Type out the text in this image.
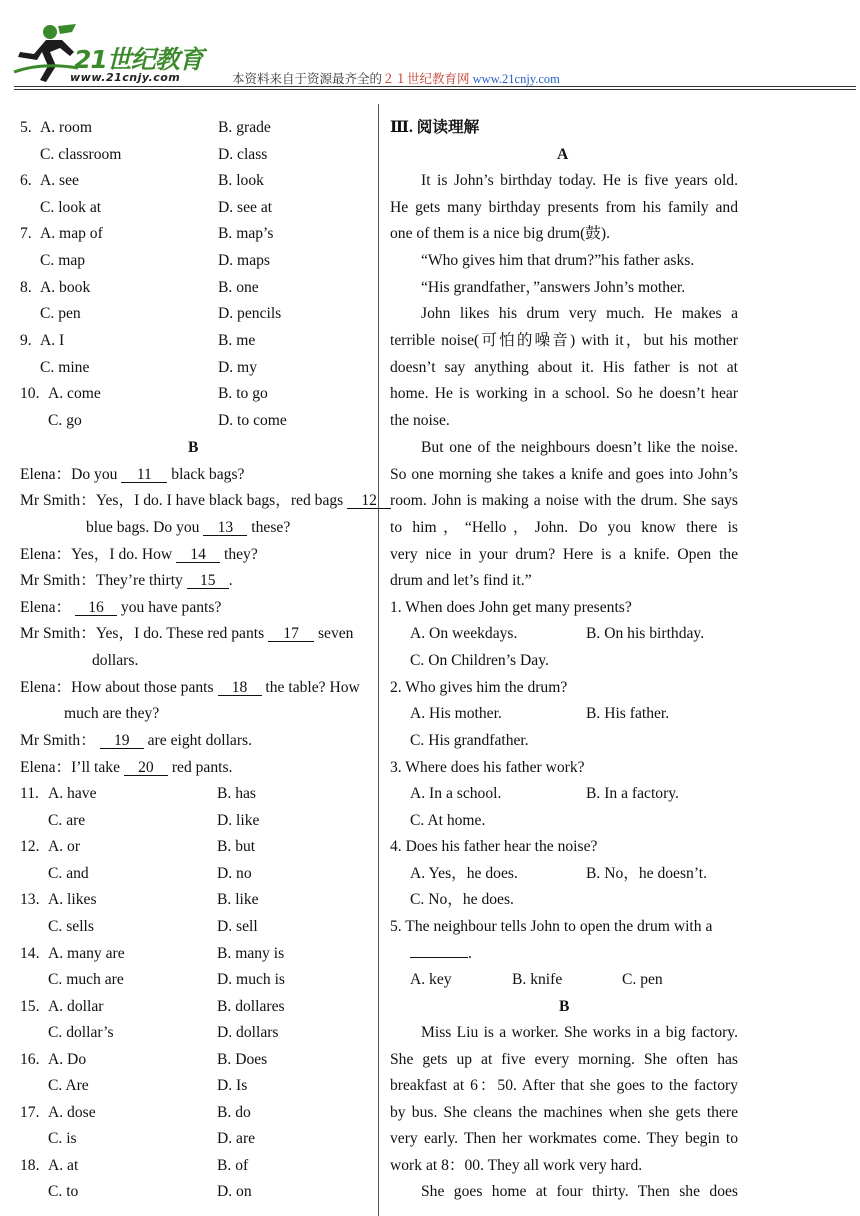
21世纪教育
www.21cnjy.com	本资料来自于资源最齐全的２１世纪教育网 www.21cnjy.com
5. A. room	B. grade
C. classroom	D. class
6. A. see	B. look
C. look at	D. see at
7. A. map of	B. map’s
C. map	D. maps
8. A. book	B. one
C. pen	D. pencils
9. A. I	B. me
C. mine	D. my
10. A. come	B. to go
C. go	D. to come
B
Elena：Do you 11 black bags?
Mr Smith：Yes，I do. I have black bags，red bags 12
blue bags. Do you 13 these?
Elena：Yes，I do. How 14 they?
Mr Smith：They’re thirty 15 .
Elena： 16 you have pants?
Mr Smith：Yes，I do. These red pants 17 seven
dollars.
Elena：How about those pants 18 the table? How
much are they?
Mr Smith： 19 are eight dollars.
Elena：I’ll take 20 red pants.
11. A. have	B. has
C. are	D. like
12. A. or	B. but
C. and	D. no
13. A. likes	B. like
C. sells	D. sell
14. A. many are	B. many is
C. much are	D. much is
15. A. dollar	B. dollares
C. dollar’s	D. dollars
16. A. Do	B. Does
C. Are	D. Is
17. A. dose	B. do
C. is	D. are
18. A. at	B. of
C. to	D. on
Ⅲ. 阅读理解
A
It is John’s birthday today. He is five years old.
He gets many birthday presents from his family and
one of them is a nice big drum(鼓).
“Who gives him that drum?”his father asks.
“His grandfather，”answers John’s mother.
John likes his drum very much. He makes a
terrible noise(可怕的噪音) with it，but his mother
doesn’t say anything about it. His father is not at
home. He is working in a school. So he doesn’t hear
the noise.
But one of the neighbours doesn’t like the noise.
So one morning she takes a knife and goes into John’s
room. John is making a noise with the drum. She says
to him，“Hello，John. Do you know there is
very nice in your drum? Here is a knife. Open the
drum and let’s find it.”
1. When does John get many presents?
A. On weekdays.	B. On his birthday.
C. On Children’s Day.
2. Who gives him the drum?
A. His mother.	B. His father.
C. His grandfather.
3. Where does his father work?
A. In a school.	B. In a factory.
C. At home.
4. Does his father hear the noise?
A. Yes，he does.	B. No，he doesn’t.
C. No，he does.
5. The neighbour tells John to open the drum with a
.
A. key	B. knife	C. pen
B
Miss Liu is a worker. She works in a big factory.
She gets up at five every morning. She often has
breakfast at 6：50. After that she goes to the factory
by bus. She cleans the machines when she gets there
very early. Then her workmates come. They begin to
work at 8：00. They all work very hard.
She goes home at four thirty. Then she does
